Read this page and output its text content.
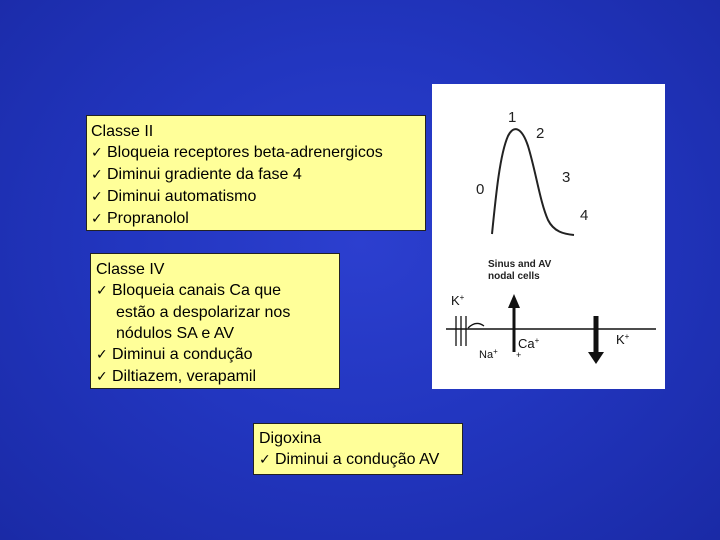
Classe II
✓ Bloqueia receptores beta-adrenergicos
✓ Diminui gradiente da fase 4
✓ Diminui automatismo
✓ Propranolol
Classe IV
✓ Bloqueia canais Ca que
estão a despolarizar nos
nódulos SA e AV
✓ Diminui a condução
✓ Diltiazem, verapamil
Digoxina
✓ Diminui a condução AV
0
1
2
3
4
Sinus and AV
nodal cells
K+
Na+
Ca+
+
K+
